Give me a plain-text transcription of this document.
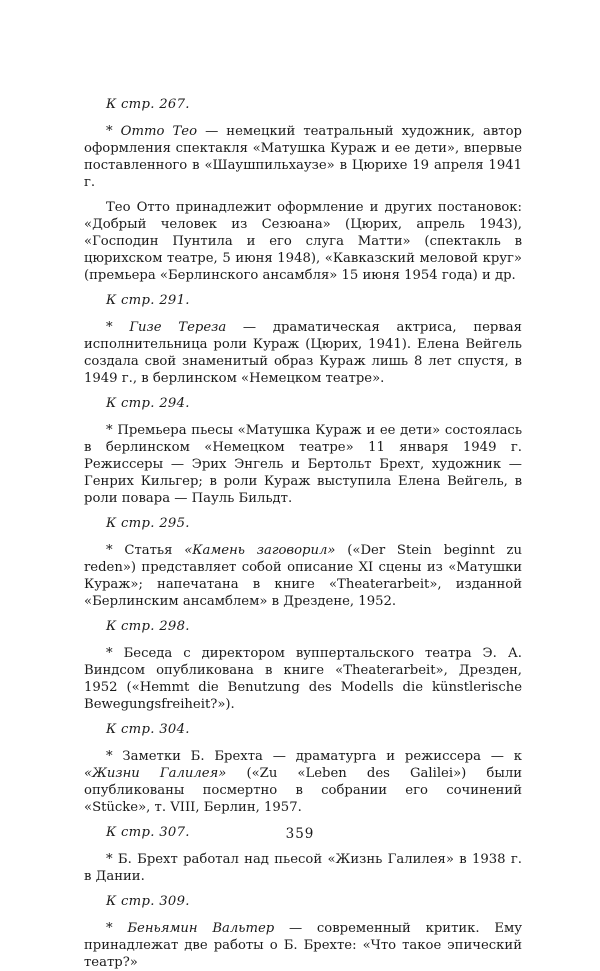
К стр. 267.

* Отто Тео — немецкий театральный художник, автор оформления спектакля «Матушка Кураж и ее дети», впервые поставленного в «Шаушпильхаузе» в Цюрихе 19 апреля 1941 г.

Тео Отто принадлежит оформление и других постановок: «Добрый человек из Сезюана» (Цюрих, апрель 1943), «Господин Пунтила и его слуга Матти» (спектакль в цюрихском театре, 5 июня 1948), «Кавказский меловой круг» (премьера «Берлинского ансамбля» 15 июня 1954 года) и др.

К стр. 291.

* Гизе Тереза — драматическая актриса, первая исполнительница роли Кураж (Цюрих, 1941). Елена Вейгель создала свой знаменитый образ Кураж лишь 8 лет спустя, в 1949 г., в берлинском «Немецком театре».

К стр. 294.

* Премьера пьесы «Матушка Кураж и ее дети» состоялась в берлинском «Немецком театре» 11 января 1949 г. Режиссеры — Эрих Энгель и Бертольт Брехт, художник — Генрих Кильгер; в роли Кураж выступила Елена Вейгель, в роли повара — Пауль Бильдт.

К стр. 295.

* Статья «Камень заговорил» («Der Stein beginnt zu reden») представляет собой описание XI сцены из «Матушки Кураж»; напечатана в книге «Theaterarbeit», изданной «Берлинским ансамблем» в Дрездене, 1952.

К стр. 298.

* Беседа с директором вуппертальского театра Э. А. Виндсом опубликована в книге «Theaterarbeit», Дрезден, 1952 («Hemmt die Benutzung des Modells die künstlerische Bewegungsfreiheit?»).

К стр. 304.

* Заметки Б. Брехта — драматурга и режиссера — к «Жизни Галилея» («Zu «Leben des Galilei») были опубликованы посмертно в собрании его сочинений «Stücke», т. VIII, Берлин, 1957.

К стр. 307.

* Б. Брехт работал над пьесой «Жизнь Галилея» в 1938 г. в Дании.

К стр. 309.

* Беньямин Вальтер — современный критик. Ему принадлежат две работы о Б. Брехте: «Что такое эпический театр?»

359
